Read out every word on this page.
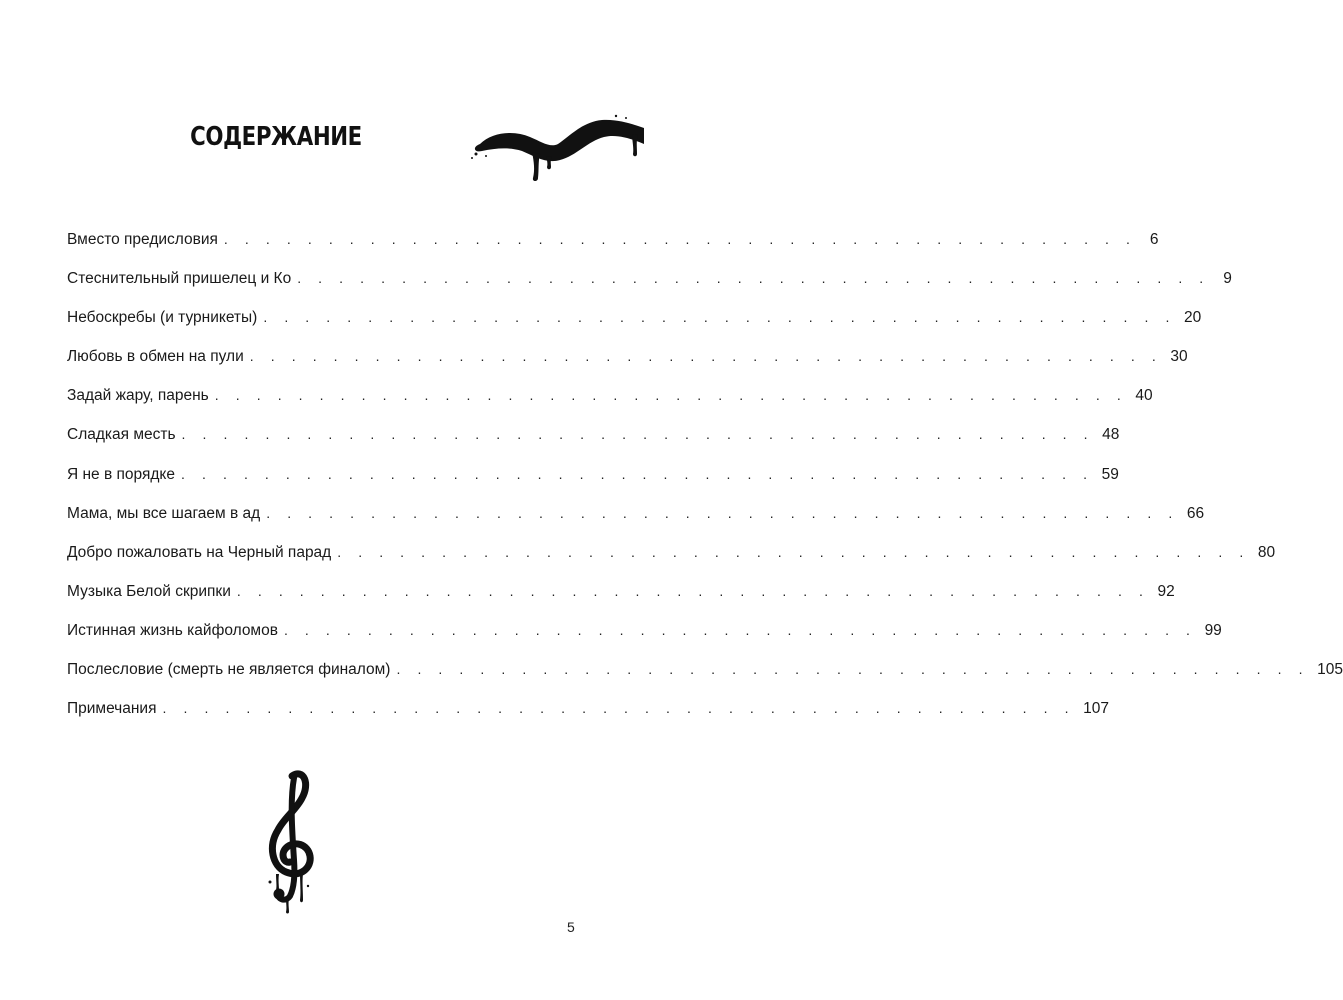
СОДЕРЖАНИЕ
Вместо предисловия . . . . . . . . . . . . . . . . . . . . . . . . . . . . . . . . . . . . . . . . . . . . 6
Стеснительный пришелец и Ко . . . . . . . . . . . . . . . . . . . . . . . . . . . . . . . . . . . . . . . . . . . . 9
Небоскребы (и турникеты) . . . . . . . . . . . . . . . . . . . . . . . . . . . . . . . . . . . . . . . . . . . . 20
Любовь в обмен на пули . . . . . . . . . . . . . . . . . . . . . . . . . . . . . . . . . . . . . . . . . . . . 30
Задай жару, парень . . . . . . . . . . . . . . . . . . . . . . . . . . . . . . . . . . . . . . . . . . . . 40
Сладкая месть . . . . . . . . . . . . . . . . . . . . . . . . . . . . . . . . . . . . . . . . . . . . 48
Я не в порядке . . . . . . . . . . . . . . . . . . . . . . . . . . . . . . . . . . . . . . . . . . . . 59
Мама, мы все шагаем в ад . . . . . . . . . . . . . . . . . . . . . . . . . . . . . . . . . . . . . . . . . . . . 66
Добро пожаловать на Черный парад . . . . . . . . . . . . . . . . . . . . . . . . . . . . . . . . . . . . . . . . . . . . 80
Музыка Белой скрипки . . . . . . . . . . . . . . . . . . . . . . . . . . . . . . . . . . . . . . . . . . . . 92
Истинная жизнь кайфоломов . . . . . . . . . . . . . . . . . . . . . . . . . . . . . . . . . . . . . . . . . . . . 99
Послесловие (смерть не является финалом) . . . . . . . . . . . . . . . . . . . . . . . . . . . . . . . . . . . . . . . . . . . . 105
Примечания . . . . . . . . . . . . . . . . . . . . . . . . . . . . . . . . . . . . . . . . . . . . 107
5
